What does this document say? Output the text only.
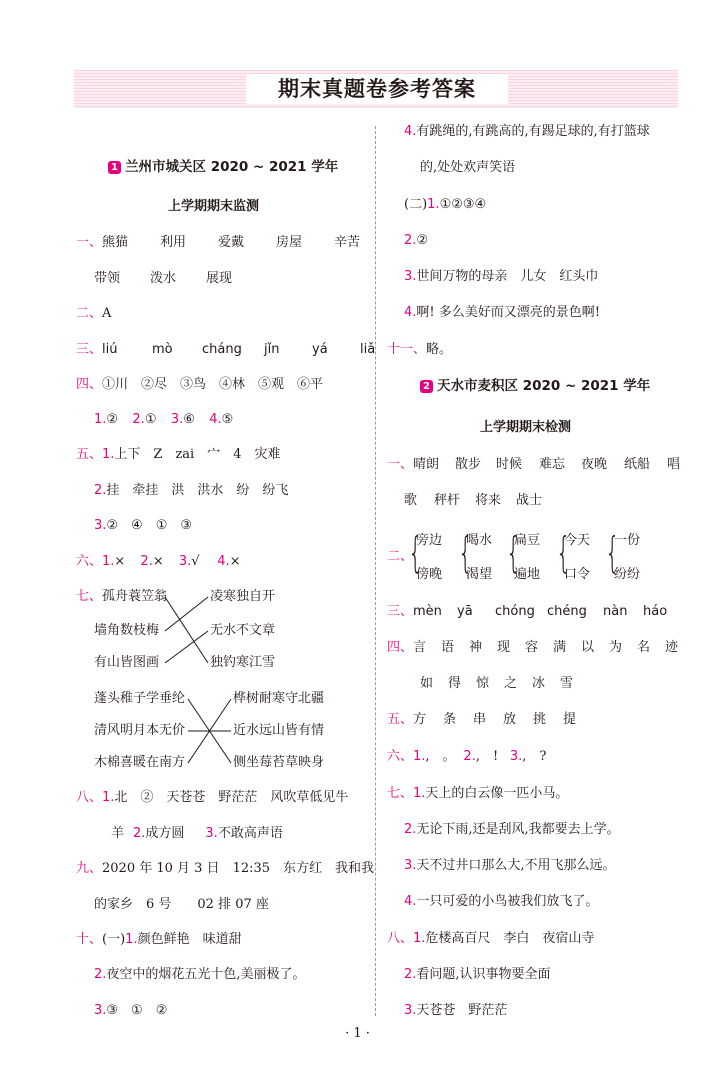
期末真题卷参考答案
1 兰州市城关区 2020 ~ 2021 学年
上学期期末监测
一、熊猫 利用 爱戴 房屋 辛苦
带领 泼水 展现
二、A
三、liú	mò cháng jǐn	yá liǎ
四、①川　②尽　③鸟　④林　⑤观　⑥平
1.② 2.① 3.⑥ 4.⑤
五、1.上下　Z　zai　宀　4　灾难
2.挂　牵挂　洪　洪水　纷　纷飞
3.②　④　①　③
六、1.× 2.× 3.√ 4.×
七、孤舟蓑笠翁
墙角数枝梅
有山皆图画
凌寒独自开
无水不文章
独钓寒江雪
蓬头稚子学垂纶
清风明月本无价
木棉喜暖在南方
桦树耐寒守北疆
近水远山皆有情
侧坐莓苔草映身
八、1.北　②　天苍苍　野茫茫　风吹草低见牛
羊 2.成方圆 3.不敢高声语
九、2020 年 10 月 3 日　12:35　东方红　我和我
的家乡　6 号　　02 排 07 座
十、(一)1.颜色鲜艳　味道甜
2.夜空中的烟花五光十色,美丽极了。
3.③　①　②
4.有跳绳的,有跳高的,有踢足球的,有打篮球
的,处处欢声笑语
(二)1.①②③④
2.②
3.世间万物的母亲　儿女　红头巾
4.啊! 多么美好而又漂亮的景色啊!
十一、略。
2 天水市麦积区 2020 ~ 2021 学年
上学期期末检测
一、晴朗 散步 时候 难忘 夜晚 纸船 唱
歌 秤杆 将来 战士
二、
{ { { { {
旁边
傍晚
喝水
渴望
扁豆
遍地
今天
口令
一份
纷纷
三、mèn yā chóng chéng nàn háo
四、言 语 神 现 容 满 以 为 名 迹
如 得 惊 之 冰 雪
五、方 条 串 放 挑 提
六、1.,　。 2.,　! 3.,　?
七、1.天上的白云像一匹小马。
2.无论下雨,还是刮风,我都要去上学。
3.天不过井口那么大,不用飞那么远。
4.一只可爱的小鸟被我们放飞了。
八、1.危楼高百尺　李白　夜宿山寺
2.看问题,认识事物要全面
3.天苍苍　野茫茫
· 1 ·
